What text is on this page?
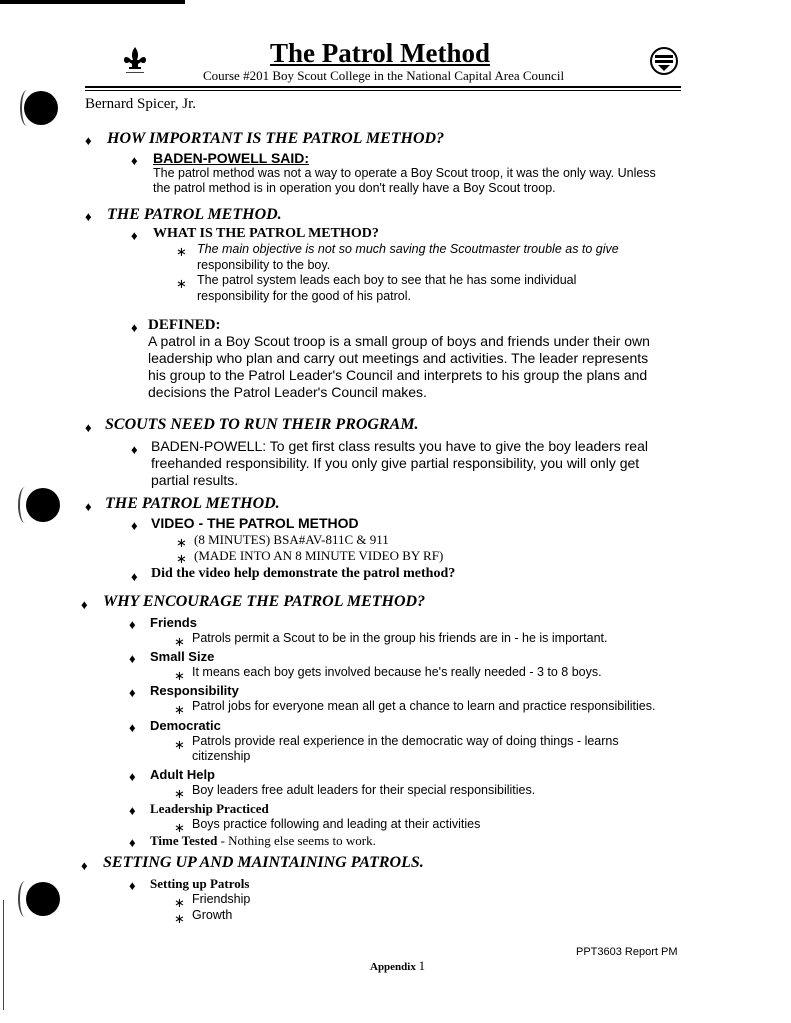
The Patrol Method
Course #201 Boy Scout College in the National Capital Area Council
Bernard Spicer, Jr.
♦ HOW IMPORTANT IS THE PATROL METHOD?
♦ BADEN-POWELL SAID:
The patrol method was not a way to operate a Boy Scout troop, it was the only way. Unless
the patrol method is in operation you don't really have a Boy Scout troop.
♦ THE PATROL METHOD.
♦ WHAT IS THE PATROL METHOD?
∗ The main objective is not so much saving the Scoutmaster trouble as to give
responsibility to the boy.
∗ The patrol system leads each boy to see that he has some individual
responsibility for the good of his patrol.
♦ DEFINED:
A patrol in a Boy Scout troop is a small group of boys and friends under their own
leadership who plan and carry out meetings and activities. The leader represents
his group to the Patrol Leader's Council and interprets to his group the plans and
decisions the Patrol Leader's Council makes.
♦ SCOUTS NEED TO RUN THEIR PROGRAM.
♦ BADEN-POWELL: To get first class results you have to give the boy leaders real
freehanded responsibility. If you only give partial responsibility, you will only get
partial results.
♦ THE PATROL METHOD.
♦ VIDEO - THE PATROL METHOD
∗ (8 MINUTES) BSA#AV-811C & 911
∗ (MADE INTO AN 8 MINUTE VIDEO BY RF)
♦ Did the video help demonstrate the patrol method?
♦ WHY ENCOURAGE THE PATROL METHOD?
♦ Friends
∗ Patrols permit a Scout to be in the group his friends are in - he is important.
♦ Small Size
∗ It means each boy gets involved because he's really needed - 3 to 8 boys.
♦ Responsibility
∗ Patrol jobs for everyone mean all get a chance to learn and practice responsibilities.
♦ Democratic
∗ Patrols provide real experience in the democratic way of doing things - learns
citizenship
♦ Adult Help
∗ Boy leaders free adult leaders for their special responsibilities.
♦ Leadership Practiced
∗ Boys practice following and leading at their activities
♦ Time Tested - Nothing else seems to work.
♦ SETTING UP AND MAINTAINING PATROLS.
♦ Setting up Patrols
∗ Friendship
∗ Growth
PPT3603 Report PM
Appendix 1
